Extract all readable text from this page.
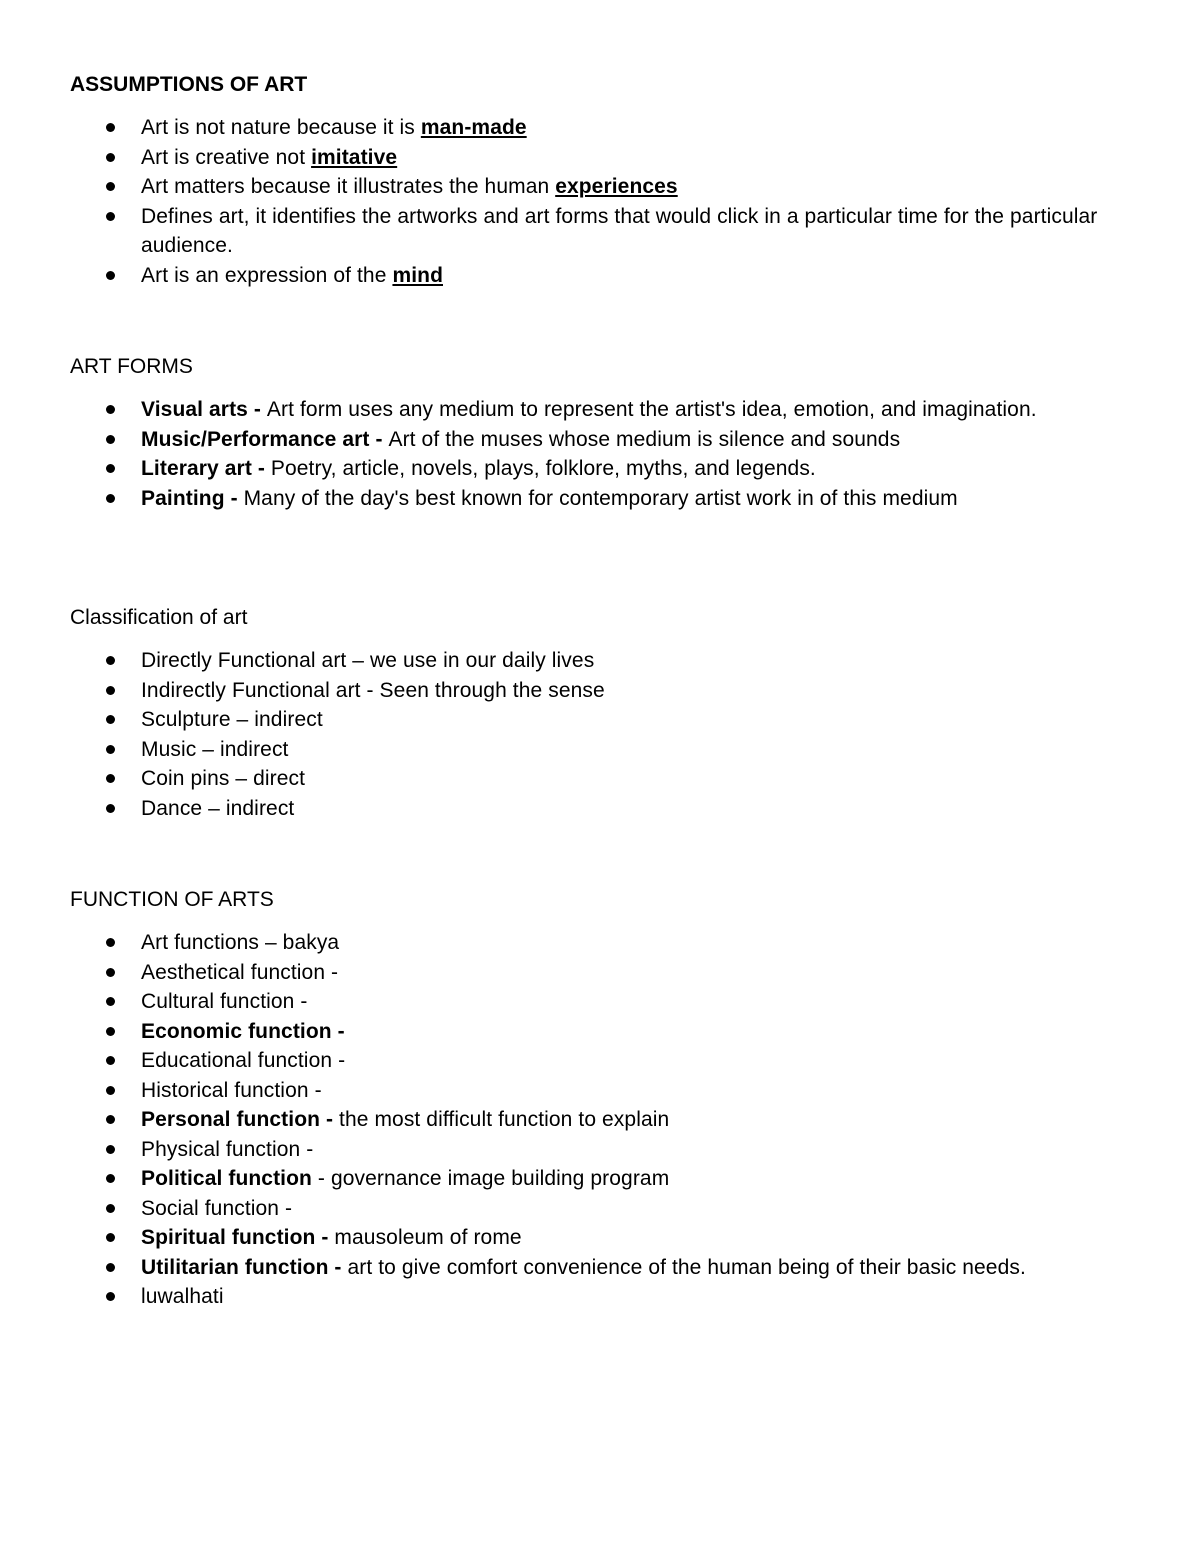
ASSUMPTIONS OF ART
Art is not nature because it is man-made
Art is creative not imitative
Art matters because it illustrates the human experiences
Defines art, it identifies the artworks and art forms that would click in a particular time for the particular audience.
Art is an expression of the mind
ART FORMS
Visual arts - Art form uses any medium to represent the artist's idea, emotion, and imagination.
Music/Performance art - Art of the muses whose medium is silence and sounds
Literary art - Poetry, article, novels, plays, folklore, myths, and legends.
Painting - Many of the day's best known for contemporary artist work in of this medium
Classification of art
Directly Functional art – we use in our daily lives
Indirectly Functional art - Seen through the sense
Sculpture – indirect
Music – indirect
Coin pins – direct
Dance – indirect
FUNCTION OF ARTS
Art functions – bakya
Aesthetical function -
Cultural function -
Economic function -
Educational function -
Historical function -
Personal function - the most difficult function to explain
Physical function -
Political function - governance image building program
Social function -
Spiritual function - mausoleum of rome
Utilitarian function - art to give comfort convenience of the human being of their basic needs.
luwalhati
